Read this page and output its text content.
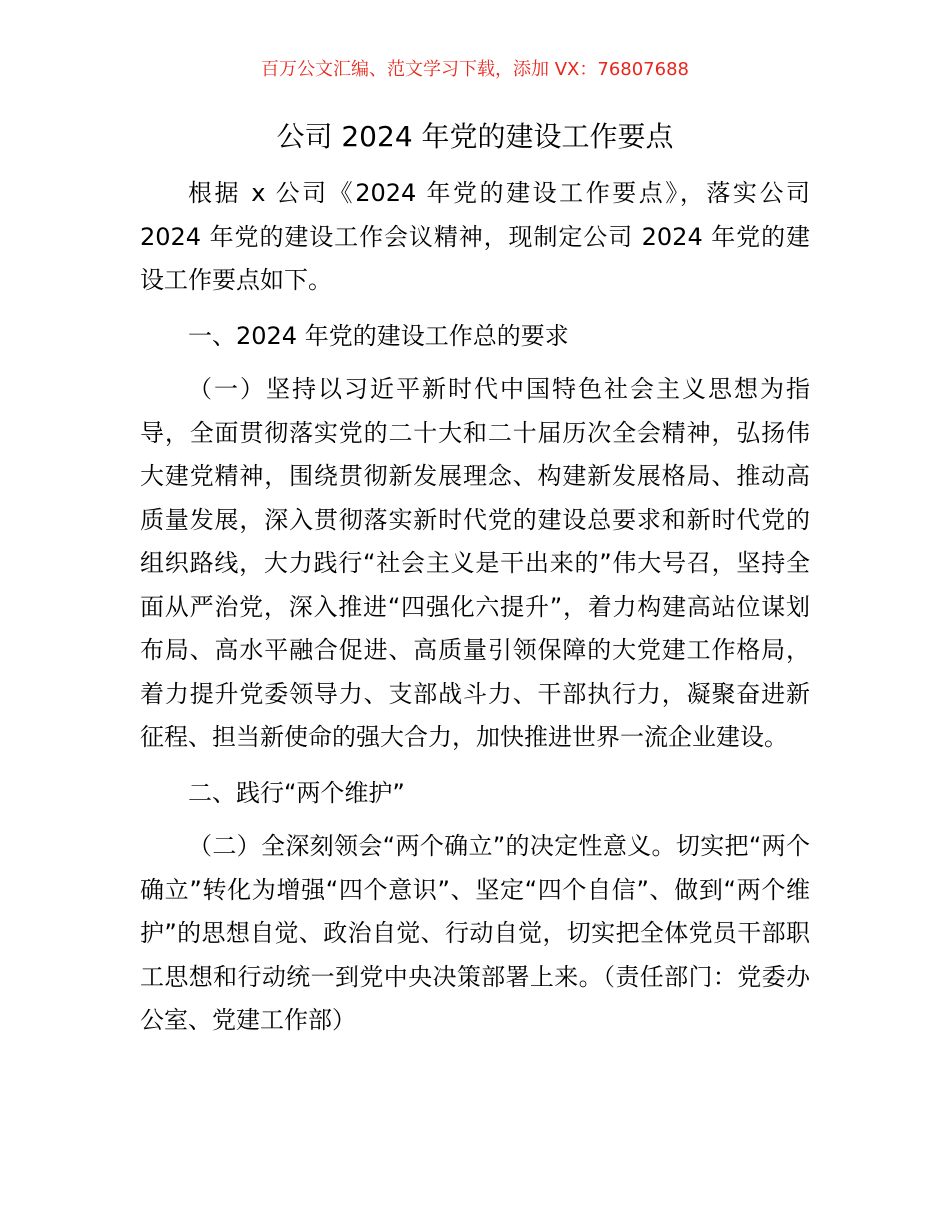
百万公文汇编、范文学习下载，添加 VX：76807688
公司 2024 年党的建设工作要点

根据 x 公司《2024 年党的建设工作要点》，落实公司 2024 年党的建设工作会议精神，现制定公司 2024 年党的建设工作要点如下。

一、2024 年党的建设工作总的要求

（一）坚持以习近平新时代中国特色社会主义思想为指导，全面贯彻落实党的二十大和二十届历次全会精神，弘扬伟大建党精神，围绕贯彻新发展理念、构建新发展格局、推动高质量发展，深入贯彻落实新时代党的建设总要求和新时代党的组织路线，大力践行“社会主义是干出来的”伟大号召，坚持全面从严治党，深入推进“四强化六提升”，着力构建高站位谋划布局、高水平融合促进、高质量引领保障的大党建工作格局，着力提升党委领导力、支部战斗力、干部执行力，凝聚奋进新征程、担当新使命的强大合力，加快推进世界一流企业建设。

二、践行“两个维护”

（二）全深刻领会“两个确立”的决定性意义。切实把“两个确立”转化为增强“四个意识”、坚定“四个自信”、做到“两个维护”的思想自觉、政治自觉、行动自觉，切实把全体党员干部职工思想和行动统一到党中央决策部署上来。（责任部门：党委办公室、党建工作部）
